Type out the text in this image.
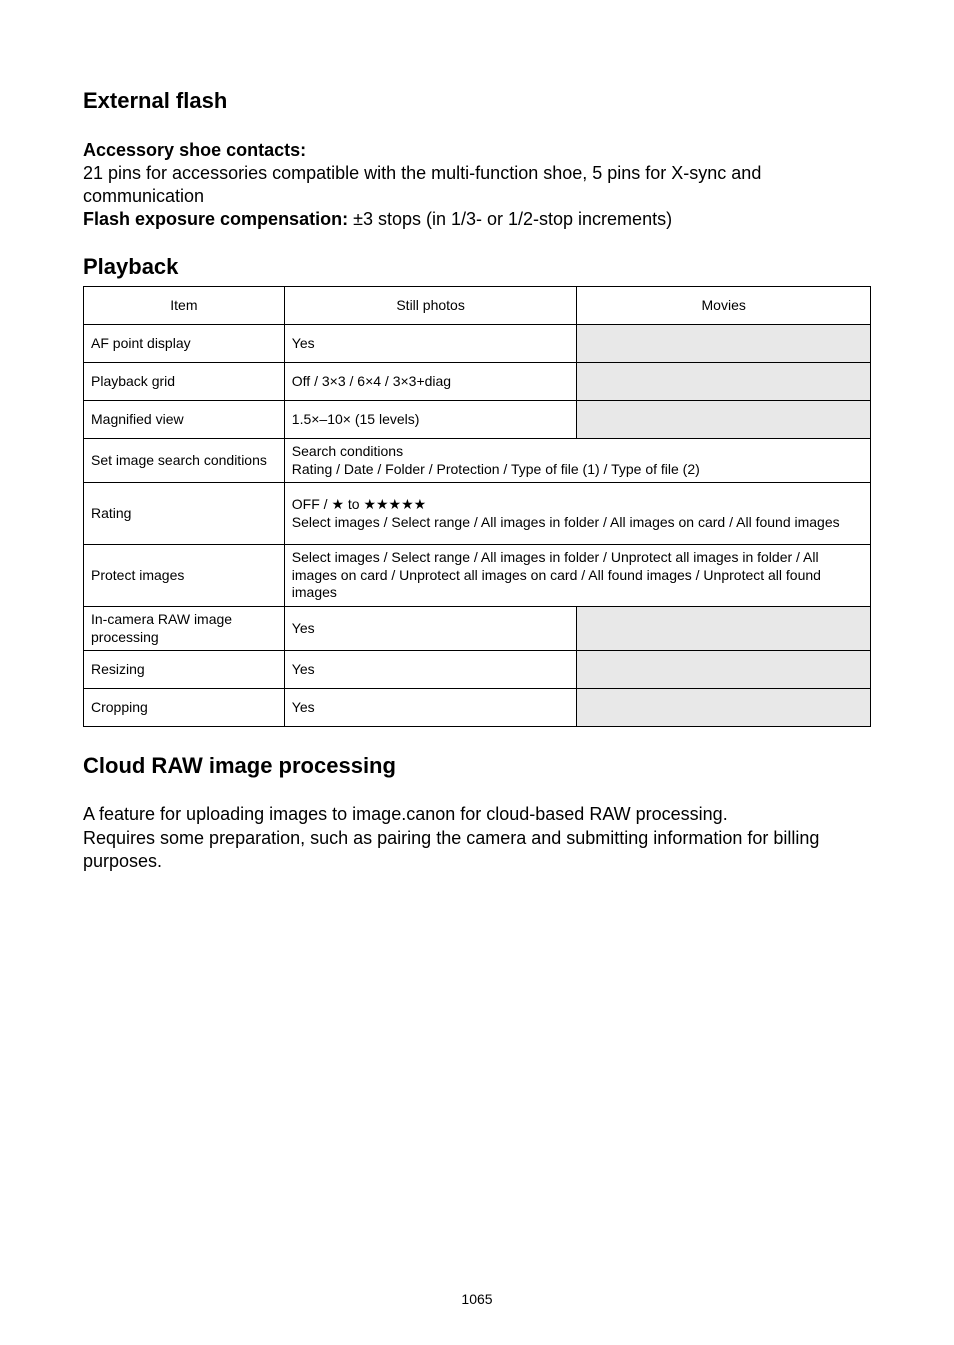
External flash

Accessory shoe contacts:

21 pins for accessories compatible with the multi-function shoe, 5 pins for X-sync and communication

Flash exposure compensation: ±3 stops (in 1/3- or 1/2-stop increments)

Playback
Item	Still photos	Movies
AF point display	Yes	
Playback grid	Off / 3×3 / 6×4 / 3×3+diag	
Magnified view	1.5×–10× (15 levels)	
Set image search conditions	Search conditions
Rating / Date / Folder / Protection / Type of file (1) / Type of file (2)	

Rating	OFF / ★ to ★★★★★
Select images / Select range / All images in folder / All images on card / All found images	

Protect images	Select images / Select range / All images in folder / Unprotect all images in folder / All images on card / Unprotect all images on card / All found images / Unprotect all found images	
In-camera RAW image processing	Yes	
Resizing	Yes	
Cropping	Yes	
Cloud RAW image processing

A feature for uploading images to image.canon for cloud-based RAW processing.

Requires some preparation, such as pairing the camera and submitting information for billing purposes.

1065
